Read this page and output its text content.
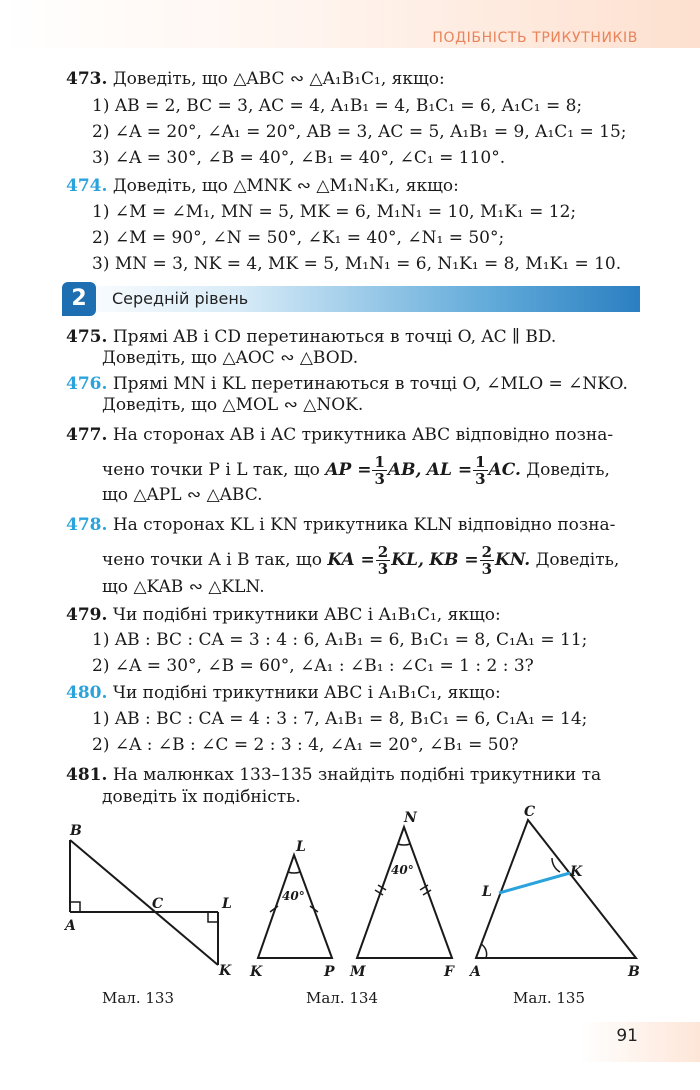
ПОДІБНІСТЬ ТРИКУТНИКІВ
473. Доведіть, що △ABC ∾ △A₁B₁C₁, якщо:
1) AB = 2, BC = 3, AC = 4, A₁B₁ = 4, B₁C₁ = 6, A₁C₁ = 8;
2) ∠A = 20°, ∠A₁ = 20°, AB = 3, AC = 5, A₁B₁ = 9, A₁C₁ = 15;
3) ∠A = 30°, ∠B = 40°, ∠B₁ = 40°, ∠C₁ = 110°.
474. Доведіть, що △MNK ∾ △M₁N₁K₁, якщо:
1) ∠M = ∠M₁, MN = 5, MK = 6, M₁N₁ = 10, M₁K₁ = 12;
2) ∠M = 90°, ∠N = 50°, ∠K₁ = 40°, ∠N₁ = 50°;
3) MN = 3, NK = 4, MK = 5, M₁N₁ = 6, N₁K₁ = 8, M₁K₁ = 10.
2	Середній рівень
475. Прямі AB і CD перетинаються в точці O, AC ∥ BD.
Доведіть, що △AOC ∾ △BOD.
476. Прямі MN і KL перетинаються в точці O, ∠MLO = ∠NKO.
Доведіть, що △MOL ∾ △NOK.
477. На сторонах AB і AC трикутника ABC відповідно позна-
чено точки P і L так, що AP = $\frac{1}{3}$ AB, AL = $\frac{1}{3}$ AC. Доведіть,
що △APL ∾ △ABC.
478. На сторонах KL і KN трикутника KLN відповідно позна-
чено точки A і B так, що KA = $\frac{2}{3}$ KL, KB = $\frac{2}{3}$ KN. Доведіть,
що △KAB ∾ △KLN.
479. Чи подібні трикутники ABC і A₁B₁C₁, якщо:
1) AB : BC : CA = 3 : 4 : 6, A₁B₁ = 6, B₁C₁ = 8, C₁A₁ = 11;
2) ∠A = 30°, ∠B = 60°, ∠A₁ : ∠B₁ : ∠C₁ = 1 : 2 : 3?
480. Чи подібні трикутники ABC і A₁B₁C₁, якщо:
1) AB : BC : CA = 4 : 3 : 7, A₁B₁ = 8, B₁C₁ = 6, C₁A₁ = 14;
2) ∠A : ∠B : ∠C = 2 : 3 : 4, ∠A₁ = 20°, ∠B₁ = 50?
481. На малюнках 133–135 знайдіть подібні трикутники та
доведіть їх подібність.
B
A
C	L
K
L
K	P
40°
N
M	F
40°
C
K
L
A	B
Мал. 133	Мал. 134	Мал. 135
91
